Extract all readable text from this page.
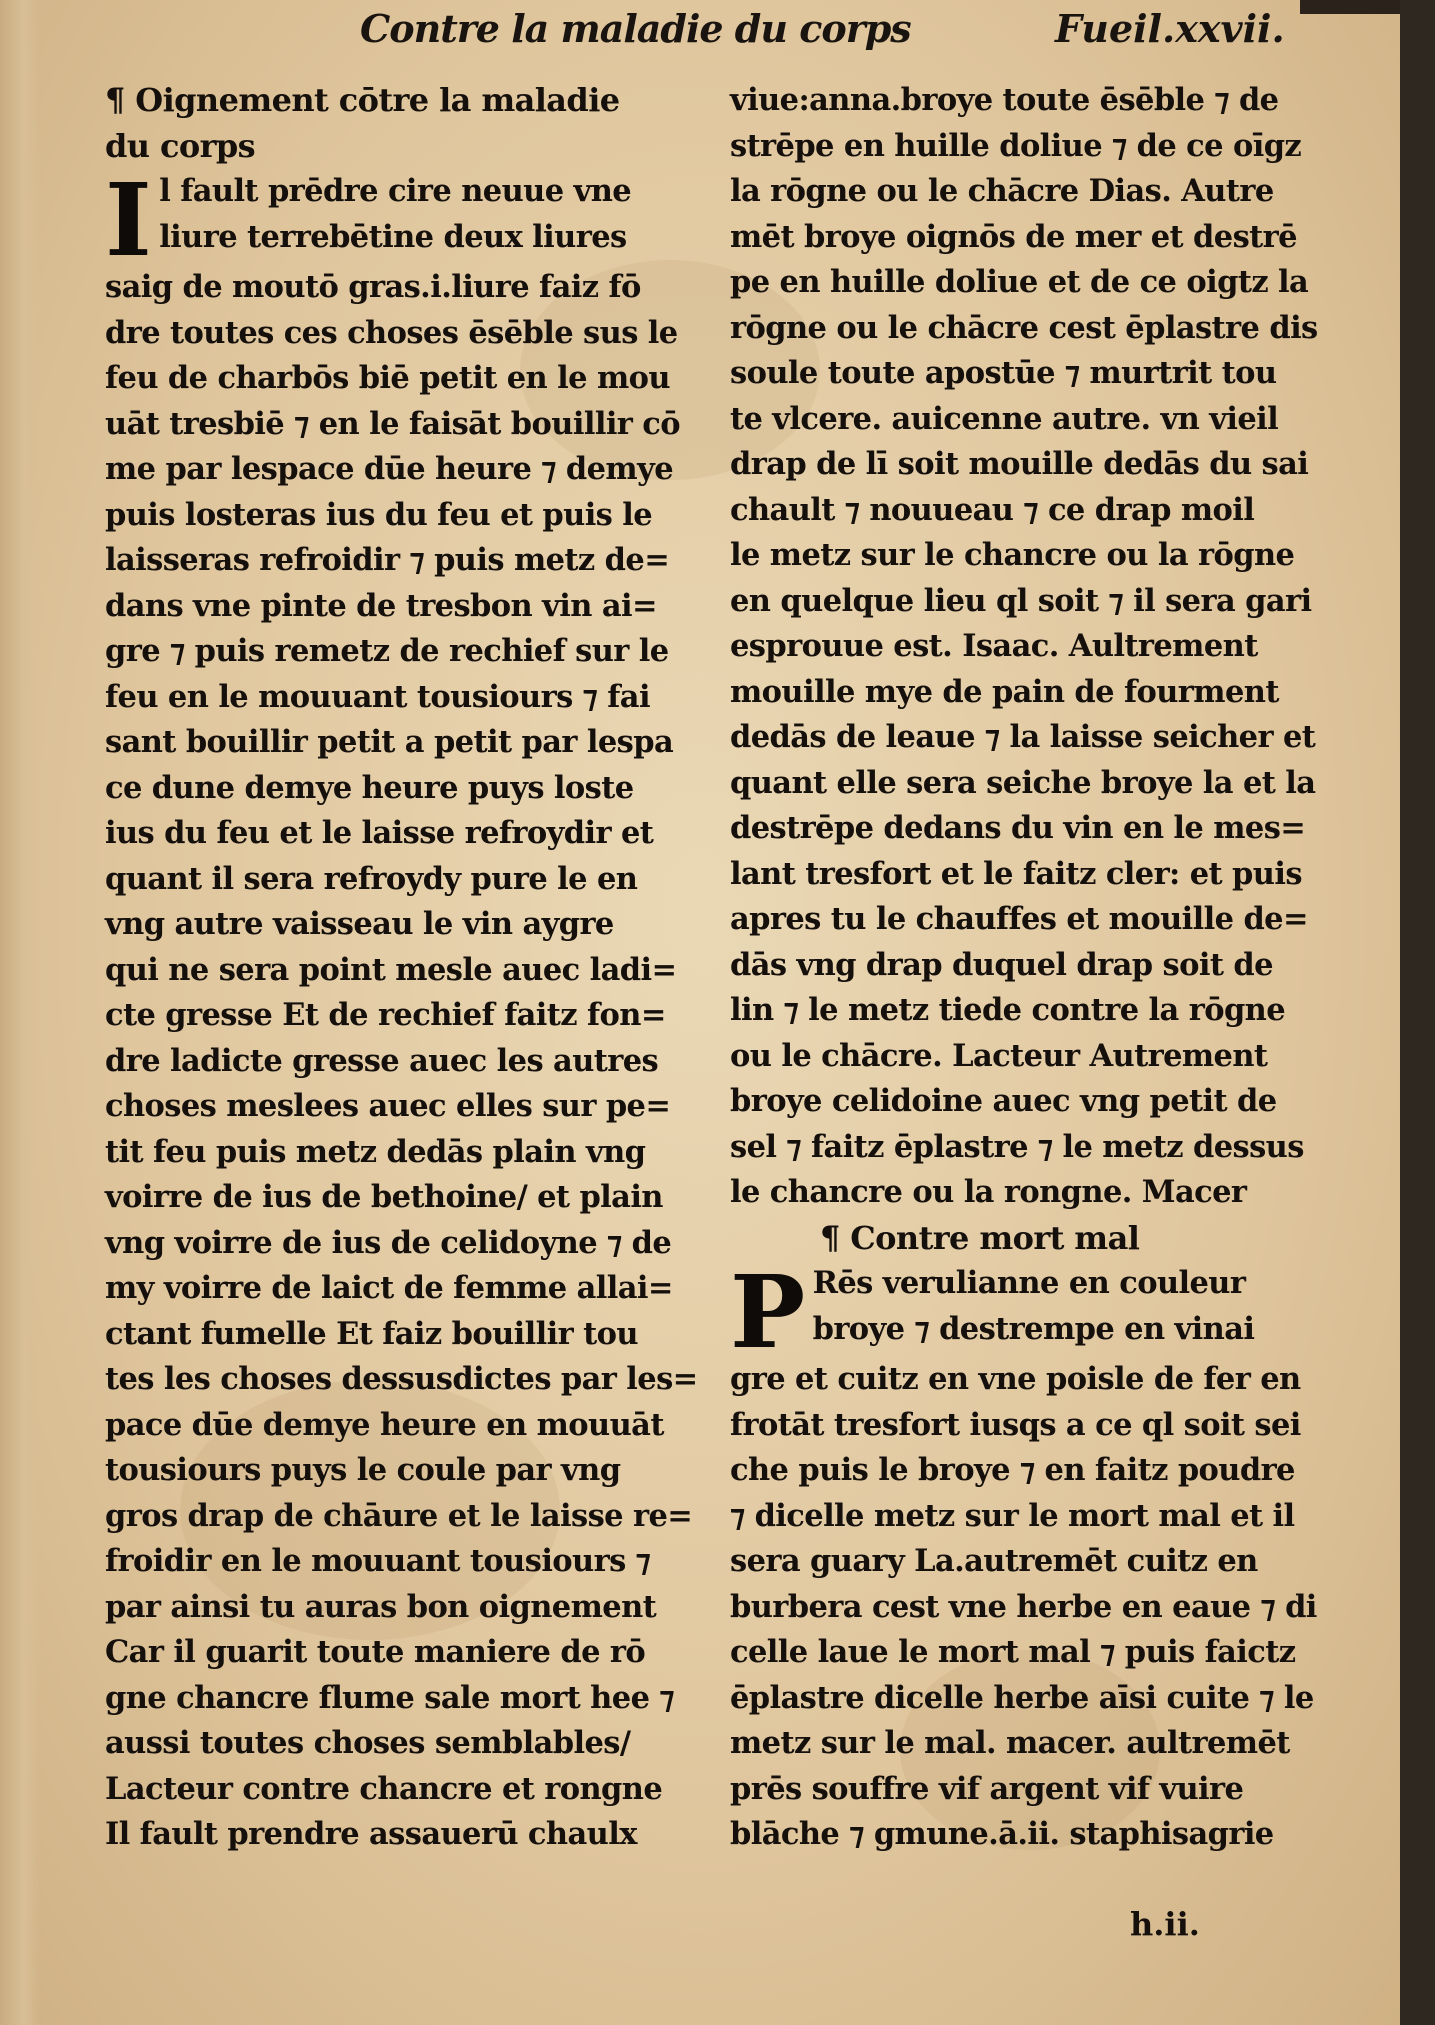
Contre la maladie du corps	Fueil.xxvii.
¶ Oignement cōtre la maladie
du corps
I l fault prēdre cire neuue vne
liure terrebētine deux liures
saig de moutō gras.i.liure faiz fō
dre toutes ces choses ēsēble sus le
feu de charbōs biē petit en le mou
uāt tresbiē ⁊ en le faisāt bouillir cō
me par lespace dūe heure ⁊ demye
puis losteras ius du feu et puis le
laisseras refroidir ⁊ puis metz de=
dans vne pinte de tresbon vin ai=
gre ⁊ puis remetz de rechief sur le
feu en le mouuant tousiours ⁊ fai
sant bouillir petit a petit par lespa
ce dune demye heure puys loste
ius du feu et le laisse refroydir et
quant il sera refroydy pure le en
vng autre vaisseau le vin aygre
qui ne sera point mesle auec ladi=
cte gresse Et de rechief faitz fon=
dre ladicte gresse auec les autres
choses meslees auec elles sur pe=
tit feu puis metz dedās plain vng
voirre de ius de bethoine/ et plain
vng voirre de ius de celidoyne ⁊ de
my voirre de laict de femme allai=
ctant fumelle Et faiz bouillir tou
tes les choses dessusdictes par les=
pace dūe demye heure en mouuāt
tousiours puys le coule par vng
gros drap de chāure et le laisse re=
froidir en le mouuant tousiours ⁊
par ainsi tu auras bon oignement
Car il guarit toute maniere de rō
gne chancre flume sale mort hee ⁊
aussi toutes choses semblables/
Lacteur contre chancre et rongne
Il fault prendre assauerū chaulx
viue:anna.broye toute ēsēble ⁊ de
strēpe en huille doliue ⁊ de ce oīgz
la rōgne ou le chācre Dias. Autre
mēt broye oignōs de mer et destrē
pe en huille doliue et de ce oigtz la
rōgne ou le chācre cest ēplastre dis
soule toute apostūe ⁊ murtrit tou
te vlcere. auicenne autre. vn vieil
drap de lī soit mouille dedās du sai
chault ⁊ nouueau ⁊ ce drap moil
le metz sur le chancre ou la rōgne
en quelque lieu ql soit ⁊ il sera gari
esprouue est. Isaac. Aultrement
mouille mye de pain de fourment
dedās de leaue ⁊ la laisse seicher et
quant elle sera seiche broye la et la
destrēpe dedans du vin en le mes=
lant tresfort et le faitz cler: et puis
apres tu le chauffes et mouille de=
dās vng drap duquel drap soit de
lin ⁊ le metz tiede contre la rōgne
ou le chācre. Lacteur Autrement
broye celidoine auec vng petit de
sel ⁊ faitz ēplastre ⁊ le metz dessus
le chancre ou la rongne. Macer
¶ Contre mort mal
P Rēs verulianne en couleur
broye ⁊ destrempe en vinai
gre et cuitz en vne poisle de fer en
frotāt tresfort iusqs a ce ql soit sei
che puis le broye ⁊ en faitz poudre
⁊ dicelle metz sur le mort mal et il
sera guary La.autremēt cuitz en
burbera cest vne herbe en eaue ⁊ di
celle laue le mort mal ⁊ puis faictz
ēplastre dicelle herbe aīsi cuite ⁊ le
metz sur le mal. macer. aultremēt
prēs souffre vif argent vif vuire
blāche ⁊ gmune.ā.ii. staphisagrie
h.ii.
